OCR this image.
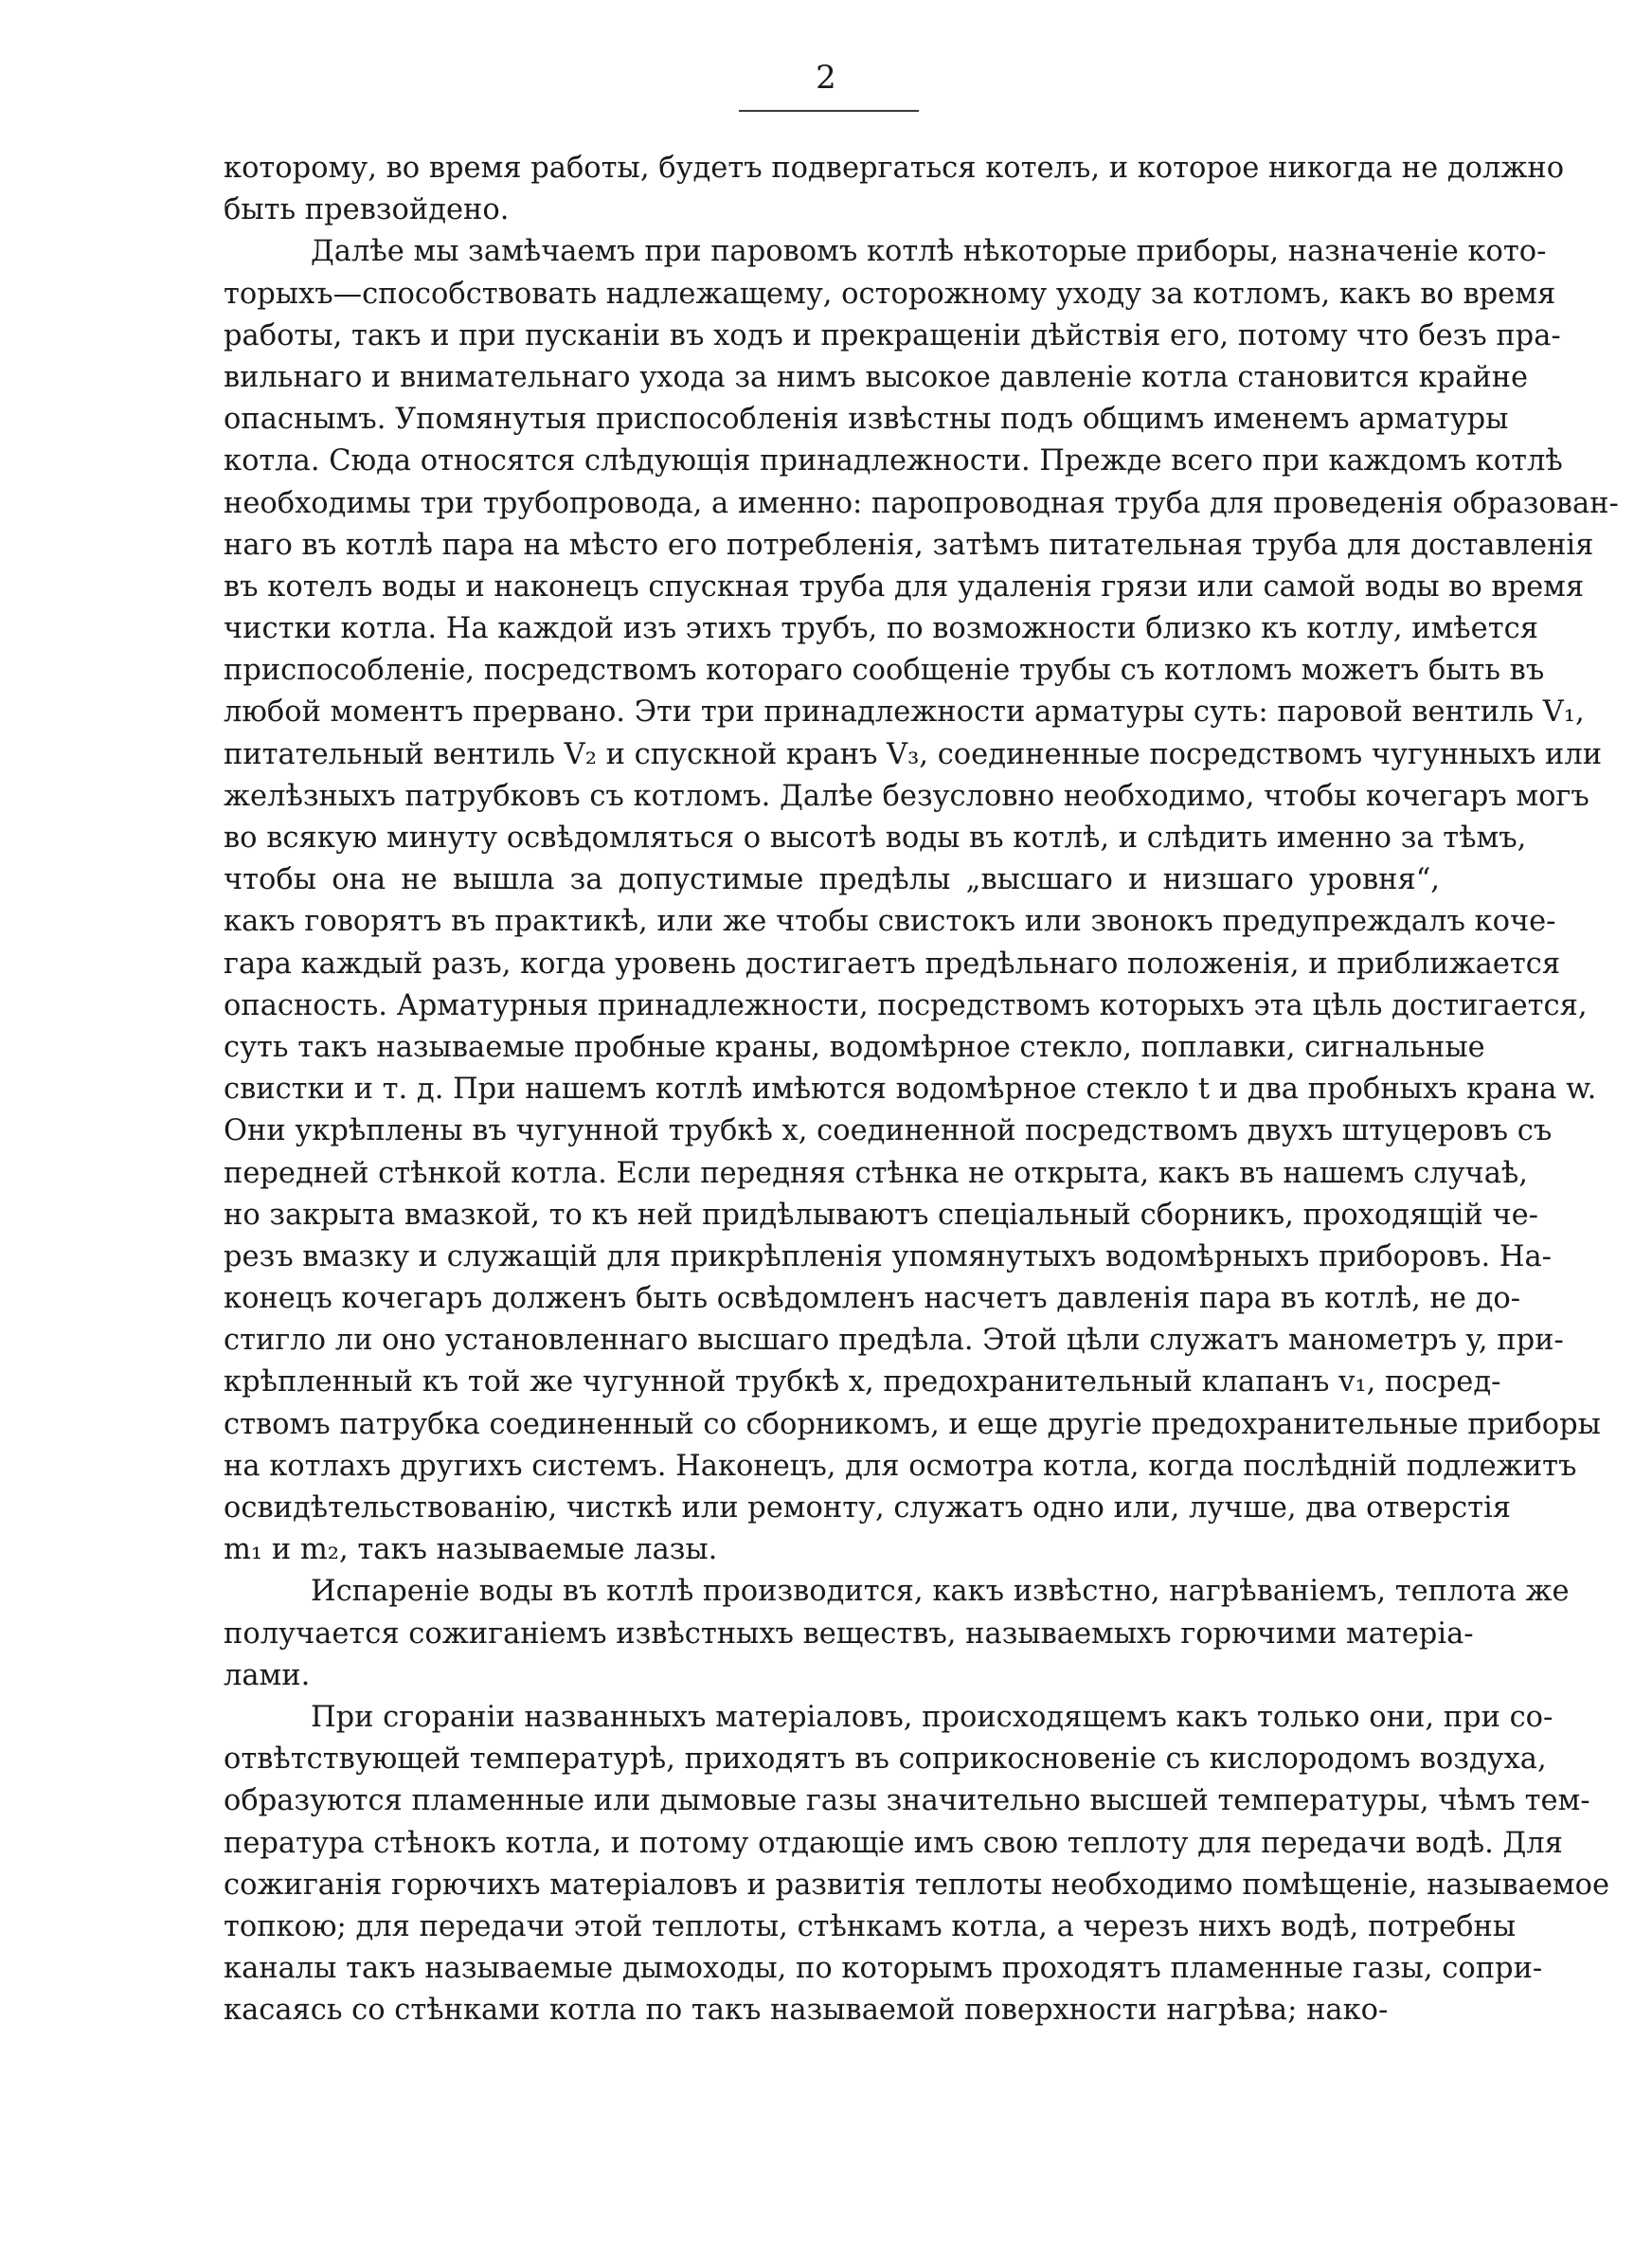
2
которому, во время работы, будетъ подвергаться котелъ, и которое никогда не должно
быть превзойдено.
Далѣе мы замѣчаемъ при паровомъ котлѣ нѣкоторые приборы, назначеніе кото-
торыхъ—способствовать надлежащему, осторожному уходу за котломъ, какъ во время
работы, такъ и при пусканіи въ ходъ и прекращеніи дѣйствія его, потому что безъ пра-
вильнаго и внимательнаго ухода за нимъ высокое давленіе котла становится крайне
опаснымъ. Упомянутыя приспособленія извѣстны подъ общимъ именемъ арматуры
котла. Сюда относятся слѣдующія принадлежности. Прежде всего при каждомъ котлѣ
необходимы три трубопровода, а именно: паропроводная труба для проведенія образован-
наго въ котлѣ пара на мѣсто его потребленія, затѣмъ питательная труба для доставленія
въ котелъ воды и наконецъ спускная труба для удаленія грязи или самой воды во время
чистки котла. На каждой изъ этихъ трубъ, по возможности близко къ котлу, имѣется
приспособленіе, посредствомъ котораго сообщеніе трубы съ котломъ можетъ быть въ
любой моментъ прервано. Эти три принадлежности арматуры суть: паровой вентиль V₁,
питательный вентиль V₂ и спускной кранъ V₃, соединенные посредствомъ чугунныхъ или
желѣзныхъ патрубковъ съ котломъ. Далѣе безусловно необходимо, чтобы кочегаръ могъ
во всякую минуту освѣдомляться о высотѣ воды въ котлѣ, и слѣдить именно за тѣмъ,
чтобы она не вышла за допустимые предѣлы „высшаго и низшаго уровня“,
какъ говорятъ въ практикѣ, или же чтобы свистокъ или звонокъ предупреждалъ коче-
гара каждый разъ, когда уровень достигаетъ предѣльнаго положенія, и приближается
опасность. Арматурныя принадлежности, посредствомъ которыхъ эта цѣль достигается,
суть такъ называемые пробные краны, водомѣрное стекло, поплавки, сигнальные
свистки и т. д. При нашемъ котлѣ имѣются водомѣрное стекло t и два пробныхъ крана w.
Они укрѣплены въ чугунной трубкѣ x, соединенной посредствомъ двухъ штуцеровъ съ
передней стѣнкой котла. Если передняя стѣнка не открыта, какъ въ нашемъ случаѣ,
но закрыта вмазкой, то къ ней придѣлываютъ спеціальный сборникъ, проходящій че-
резъ вмазку и служащій для прикрѣпленія упомянутыхъ водомѣрныхъ приборовъ. На-
конецъ кочегаръ долженъ быть освѣдомленъ насчетъ давленія пара въ котлѣ, не до-
стигло ли оно установленнаго высшаго предѣла. Этой цѣли служатъ манометръ y, при-
крѣпленный къ той же чугунной трубкѣ x, предохранительный клапанъ v₁, посред-
ствомъ патрубка соединенный со сборникомъ, и еще другіе предохранительные приборы
на котлахъ другихъ системъ. Наконецъ, для осмотра котла, когда послѣдній подлежитъ
освидѣтельствованію, чисткѣ или ремонту, служатъ одно или, лучше, два отверстія
m₁ и m₂, такъ называемые лазы.
Испареніе воды въ котлѣ производится, какъ извѣстно, нагрѣваніемъ, теплота же
получается сожиганіемъ извѣстныхъ веществъ, называемыхъ горючими матеріа-
лами.
При сгораніи названныхъ матеріаловъ, происходящемъ какъ только они, при со-
отвѣтствующей температурѣ, приходятъ въ соприкосновеніе съ кислородомъ воздуха,
образуются пламенные или дымовые газы значительно высшей температуры, чѣмъ тем-
пература стѣнокъ котла, и потому отдающіе имъ свою теплоту для передачи водѣ. Для
сожиганія горючихъ матеріаловъ и развитія теплоты необходимо помѣщеніе, называемое
топкою; для передачи этой теплоты, стѣнкамъ котла, а черезъ нихъ водѣ, потребны
каналы такъ называемые дымоходы, по которымъ проходятъ пламенные газы, сопри-
касаясь со стѣнками котла по такъ называемой поверхности нагрѣва; нако-
